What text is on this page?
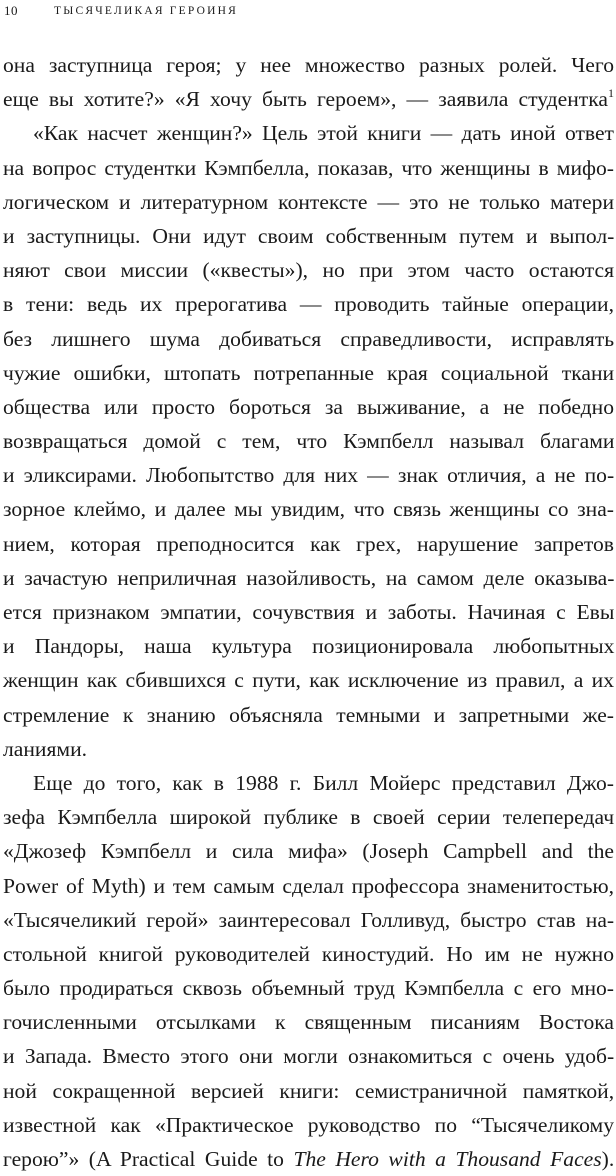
10	ТЫСЯЧЕЛИКАЯ ГЕРОИНЯ
она заступница героя; у нее множество разных ролей. Чего
еще вы хотите?» «Я хочу быть героем», — заявила студентка$^1$
«Как насчет женщин?» Цель этой книги — дать иной ответ
на вопрос студентки Кэмпбелла, показав, что женщины в мифо-
логическом и литературном контексте — это не только матери
и заступницы. Они идут своим собственным путем и выпол-
няют свои миссии («квесты»), но при этом часто остаются
в тени: ведь их прерогатива — проводить тайные операции,
без лишнего шума добиваться справедливости, исправлять
чужие ошибки, штопать потрепанные края социальной ткани
общества или просто бороться за выживание, а не победно
возвращаться домой с тем, что Кэмпбелл называл благами
и эликсирами. Любопытство для них — знак отличия, а не по-
зорное клеймо, и далее мы увидим, что связь женщины со зна-
нием, которая преподносится как грех, нарушение запретов
и зачастую неприличная назойливость, на самом деле оказыва-
ется признаком эмпатии, сочувствия и заботы. Начиная с Евы
и Пандоры, наша культура позиционировала любопытных
женщин как сбившихся с пути, как исключение из правил, а их
стремление к знанию объясняла темными и запретными же-
ланиями.
Еще до того, как в 1988 г. Билл Мойерс представил Джо-
зефа Кэмпбелла широкой публике в своей серии телепередач
«Джозеф Кэмпбелл и сила мифа» (Joseph Campbell and the
Power of Myth) и тем самым сделал профессора знаменитостью,
«Тысячеликий герой» заинтересовал Голливуд, быстро став на-
стольной книгой руководителей киностудий. Но им не нужно
было продираться сквозь объемный труд Кэмпбелла с его мно-
гочисленными отсылками к священным писаниям Востока
и Запада. Вместо этого они могли ознакомиться с очень удоб-
ной сокращенной версией книги: семистраничной памяткой,
известной как «Практическое руководство по “Тысячеликому
герою”» (A Practical Guide to The Hero with a Thousand Faces).
